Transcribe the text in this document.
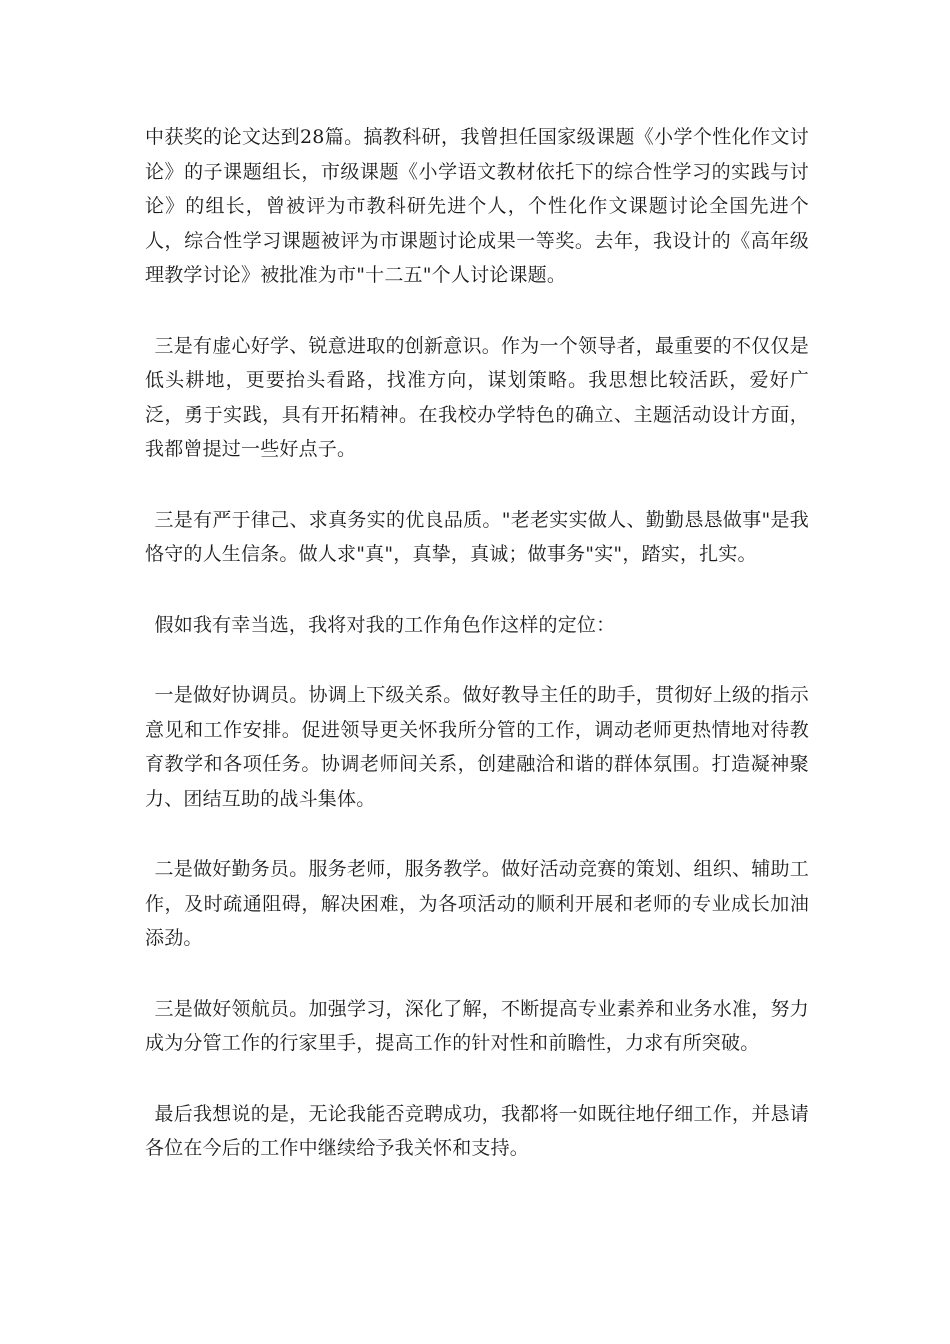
中获奖的论文达到28篇。搞教科研，我曾担任国家级课题《小学个性化作文讨论》的子课题组长，市级课题《小学语文教材依托下的综合性学习的实践与讨论》的组长，曾被评为市教科研先进个人，个性化作文课题讨论全国先进个人，综合性学习课题被评为市课题讨论成果一等奖。去年，我设计的《高年级理教学讨论》被批准为市"十二五"个人讨论课题。

三是有虚心好学、锐意进取的创新意识。作为一个领导者，最重要的不仅仅是低头耕地，更要抬头看路，找准方向，谋划策略。我思想比较活跃，爱好广泛，勇于实践，具有开拓精神。在我校办学特色的确立、主题活动设计方面，我都曾提过一些好点子。

三是有严于律己、求真务实的优良品质。"老老实实做人、勤勤恳恳做事"是我恪守的人生信条。做人求"真"，真挚，真诚；做事务"实"，踏实，扎实。

假如我有幸当选，我将对我的工作角色作这样的定位：

一是做好协调员。协调上下级关系。做好教导主任的助手，贯彻好上级的指示意见和工作安排。促进领导更关怀我所分管的工作，调动老师更热情地对待教育教学和各项任务。协调老师间关系，创建融洽和谐的群体氛围。打造凝神聚力、团结互助的战斗集体。

二是做好勤务员。服务老师，服务教学。做好活动竞赛的策划、组织、辅助工作，及时疏通阻碍，解决困难，为各项活动的顺利开展和老师的专业成长加油添劲。

三是做好领航员。加强学习，深化了解，不断提高专业素养和业务水准，努力成为分管工作的行家里手，提高工作的针对性和前瞻性，力求有所突破。

最后我想说的是，无论我能否竞聘成功，我都将一如既往地仔细工作，并恳请各位在今后的工作中继续给予我关怀和支持。
